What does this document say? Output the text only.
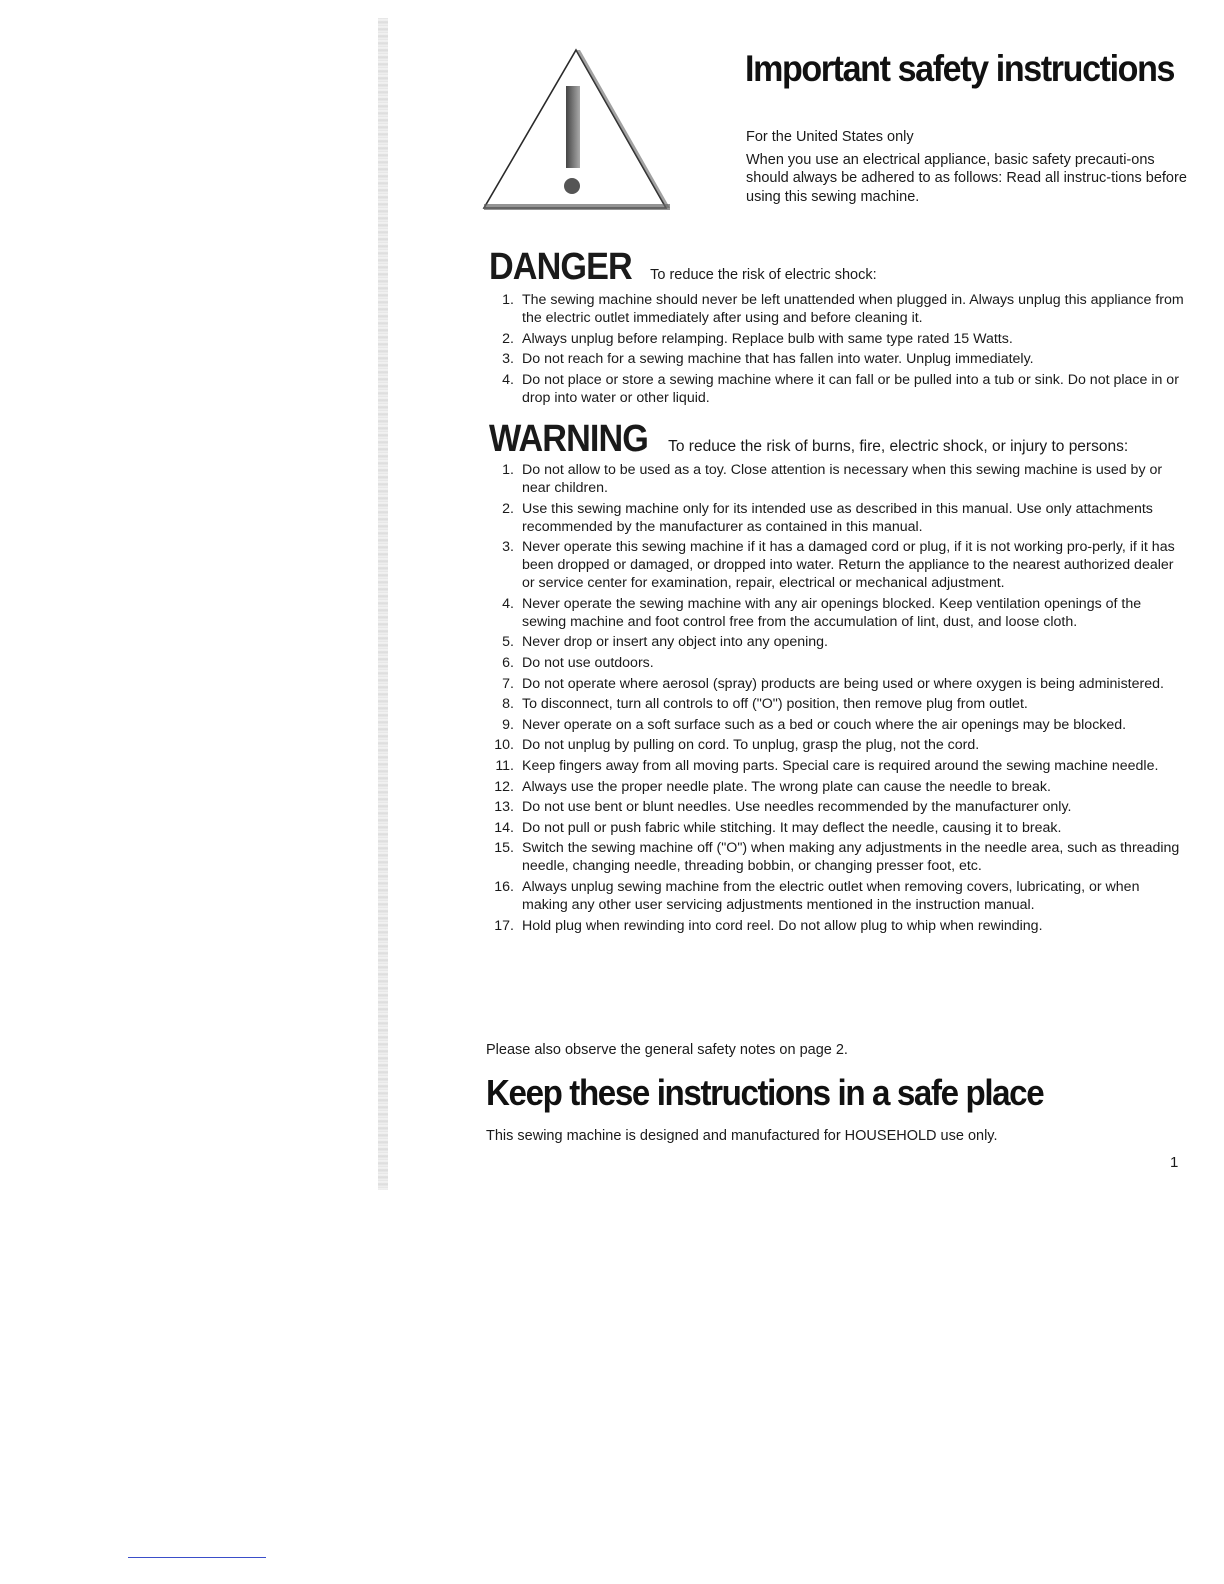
Important safety instructions

For the United States only

When you use an electrical appliance, basic safety precauti-ons should always be adhered to as follows: Read all instruc-tions before using this sewing machine.

DANGER To reduce the risk of electric shock:
1. The sewing machine should never be left unattended when plugged in. Always unplug this appliance from the electric outlet immediately after using and before cleaning it.
2. Always unplug before relamping. Replace bulb with same type rated 15 Watts.
3. Do not reach for a sewing machine that has fallen into water. Unplug immediately.
4. Do not place or store a sewing machine where it can fall or be pulled into a tub or sink. Do not place in or drop into water or other liquid.
WARNING To reduce the risk of burns, fire, electric shock, or injury to persons:
1. Do not allow to be used as a toy. Close attention is necessary when this sewing machine is used by or near children.
2. Use this sewing machine only for its intended use as described in this manual. Use only attachments recommended by the manufacturer as contained in this manual.
3. Never operate this sewing machine if it has a damaged cord or plug, if it is not working pro-perly, if it has been dropped or damaged, or dropped into water. Return the appliance to the nearest authorized dealer or service center for examination, repair, electrical or mechanical adjustment.
4. Never operate the sewing machine with any air openings blocked. Keep ventilation openings of the sewing machine and foot control free from the accumulation of lint, dust, and loose cloth.
5. Never drop or insert any object into any opening.
6. Do not use outdoors.
7. Do not operate where aerosol (spray) products are being used or where oxygen is being administered.
8. To disconnect, turn all controls to off ("O") position, then remove plug from outlet.
9. Never operate on a soft surface such as a bed or couch where the air openings may be blocked.
10. Do not unplug by pulling on cord. To unplug, grasp the plug, not the cord.
11. Keep fingers away from all moving parts. Special care is required around the sewing machine needle.
12. Always use the proper needle plate. The wrong plate can cause the needle to break.
13. Do not use bent or blunt needles. Use needles recommended by the manufacturer only.
14. Do not pull or push fabric while stitching. It may deflect the needle, causing it to break.
15. Switch the sewing machine off ("O") when making any adjustments in the needle area, such as threading needle, changing needle, threading bobbin, or changing presser foot, etc.
16. Always unplug sewing machine from the electric outlet when removing covers, lubricating, or when making any other user servicing adjustments mentioned in the instruction manual.
17. Hold plug when rewinding into cord reel. Do not allow plug to whip when rewinding.
Please also observe the general safety notes on page 2.
Keep these instructions in a safe place
This sewing machine is designed and manufactured for HOUSEHOLD use only.
1
